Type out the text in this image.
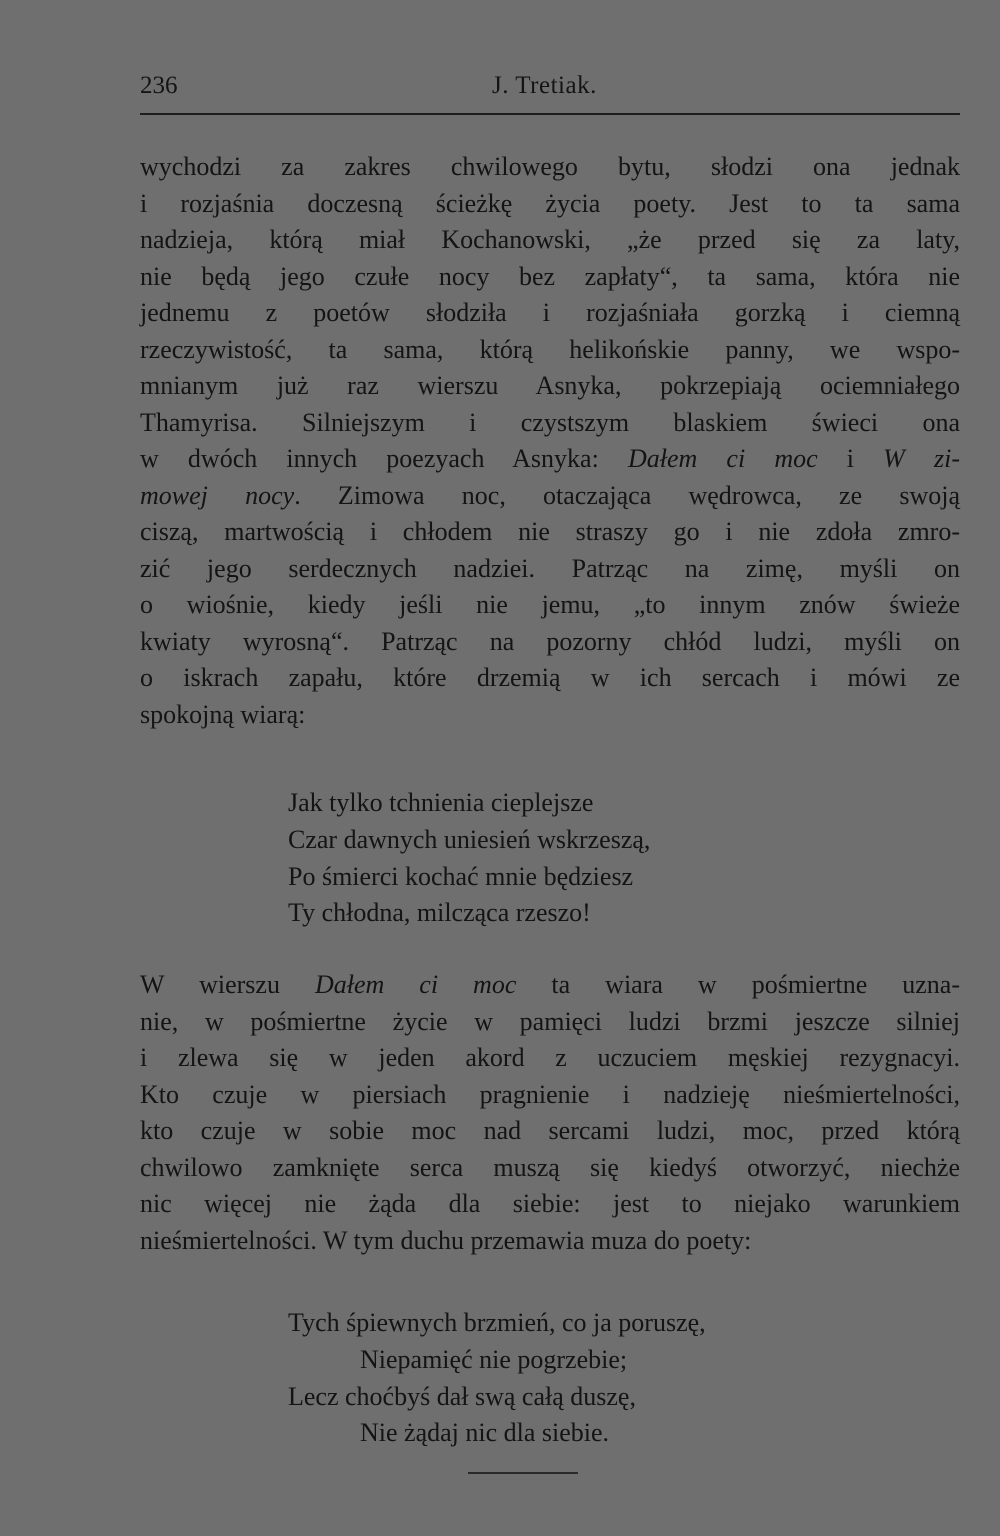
236	J. Tretiak.
wychodzi za zakres chwilowego bytu, słodzi ona jednak
i rozjaśnia doczesną ścieżkę życia poety. Jest to ta sama
nadzieja, którą miał Kochanowski, „że przed się za laty,
nie będą jego czułe nocy bez zapłaty“, ta sama, która nie
jednemu z poetów słodziła i rozjaśniała gorzką i ciemną
rzeczywistość, ta sama, którą helikońskie panny, we wspo-
mnianym już raz wierszu Asnyka, pokrzepiają ociemniałego
Thamyrisa. Silniejszym i czystszym blaskiem świeci ona
w dwóch innych poezyach Asnyka: Dałem ci moc i W zi-
mowej nocy. Zimowa noc, otaczająca wędrowca, ze swoją
ciszą, martwością i chłodem nie straszy go i nie zdoła zmro-
zić jego serdecznych nadziei. Patrząc na zimę, myśli on
o wiośnie, kiedy jeśli nie jemu, „to innym znów świeże
kwiaty wyrosną“. Patrząc na pozorny chłód ludzi, myśli on
o iskrach zapału, które drzemią w ich sercach i mówi ze
spokojną wiarą:
Jak tylko tchnienia cieplejsze
Czar dawnych uniesień wskrzeszą,
Po śmierci kochać mnie będziesz
Ty chłodna, milcząca rzeszo!
W wierszu Dałem ci moc ta wiara w pośmiertne uzna-
nie, w pośmiertne życie w pamięci ludzi brzmi jeszcze silniej
i zlewa się w jeden akord z uczuciem męskiej rezygnacyi.
Kto czuje w piersiach pragnienie i nadzieję nieśmiertelności,
kto czuje w sobie moc nad sercami ludzi, moc, przed którą
chwilowo zamknięte serca muszą się kiedyś otworzyć, niechże
nic więcej nie żąda dla siebie: jest to niejako warunkiem
nieśmiertelności. W tym duchu przemawia muza do poety:
Tych śpiewnych brzmień, co ja poruszę,
Niepamięć nie pogrzebie;
Lecz choćbyś dał swą całą duszę,
Nie żądaj nic dla siebie.
